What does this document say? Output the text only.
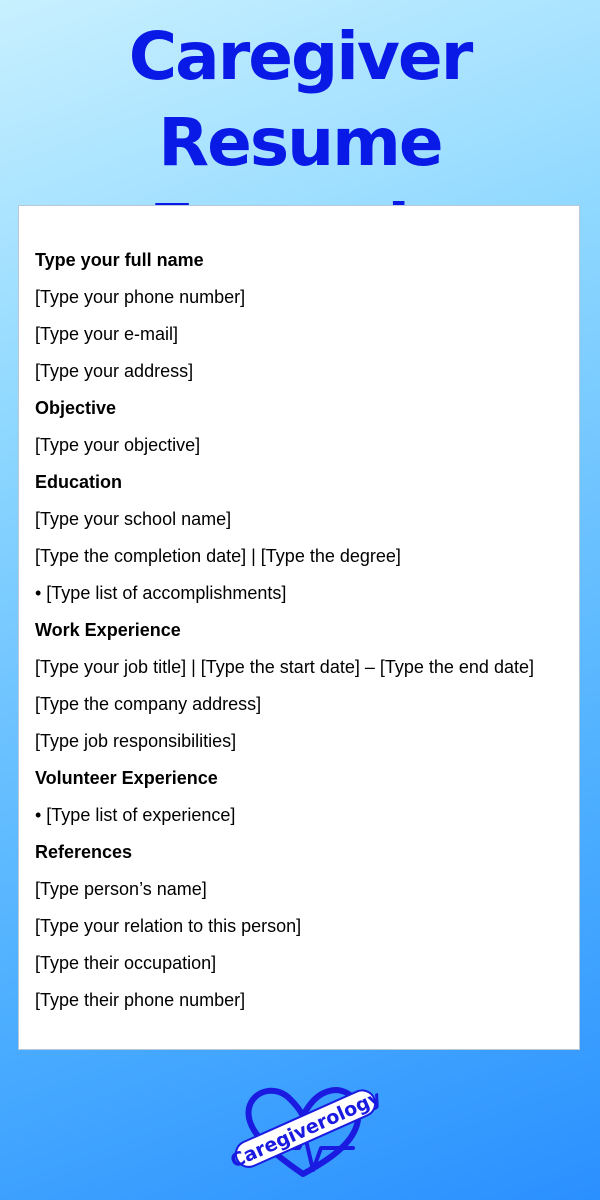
Caregiver Resume
Type your full name
[Type your phone number]
[Type your e-mail]
[Type your address]
Objective
[Type your objective]
Education
[Type your school name]
[Type the completion date] | [Type the degree]
• [Type list of accomplishments]
Work Experience
[Type your job title] | [Type the start date] – [Type the end date]
[Type the company address]
[Type job responsibilities]
Volunteer Experience
• [Type list of experience]
References
[Type person’s name]
[Type your relation to this person]
[Type their occupation]
[Type their phone number]
Caregiverology
